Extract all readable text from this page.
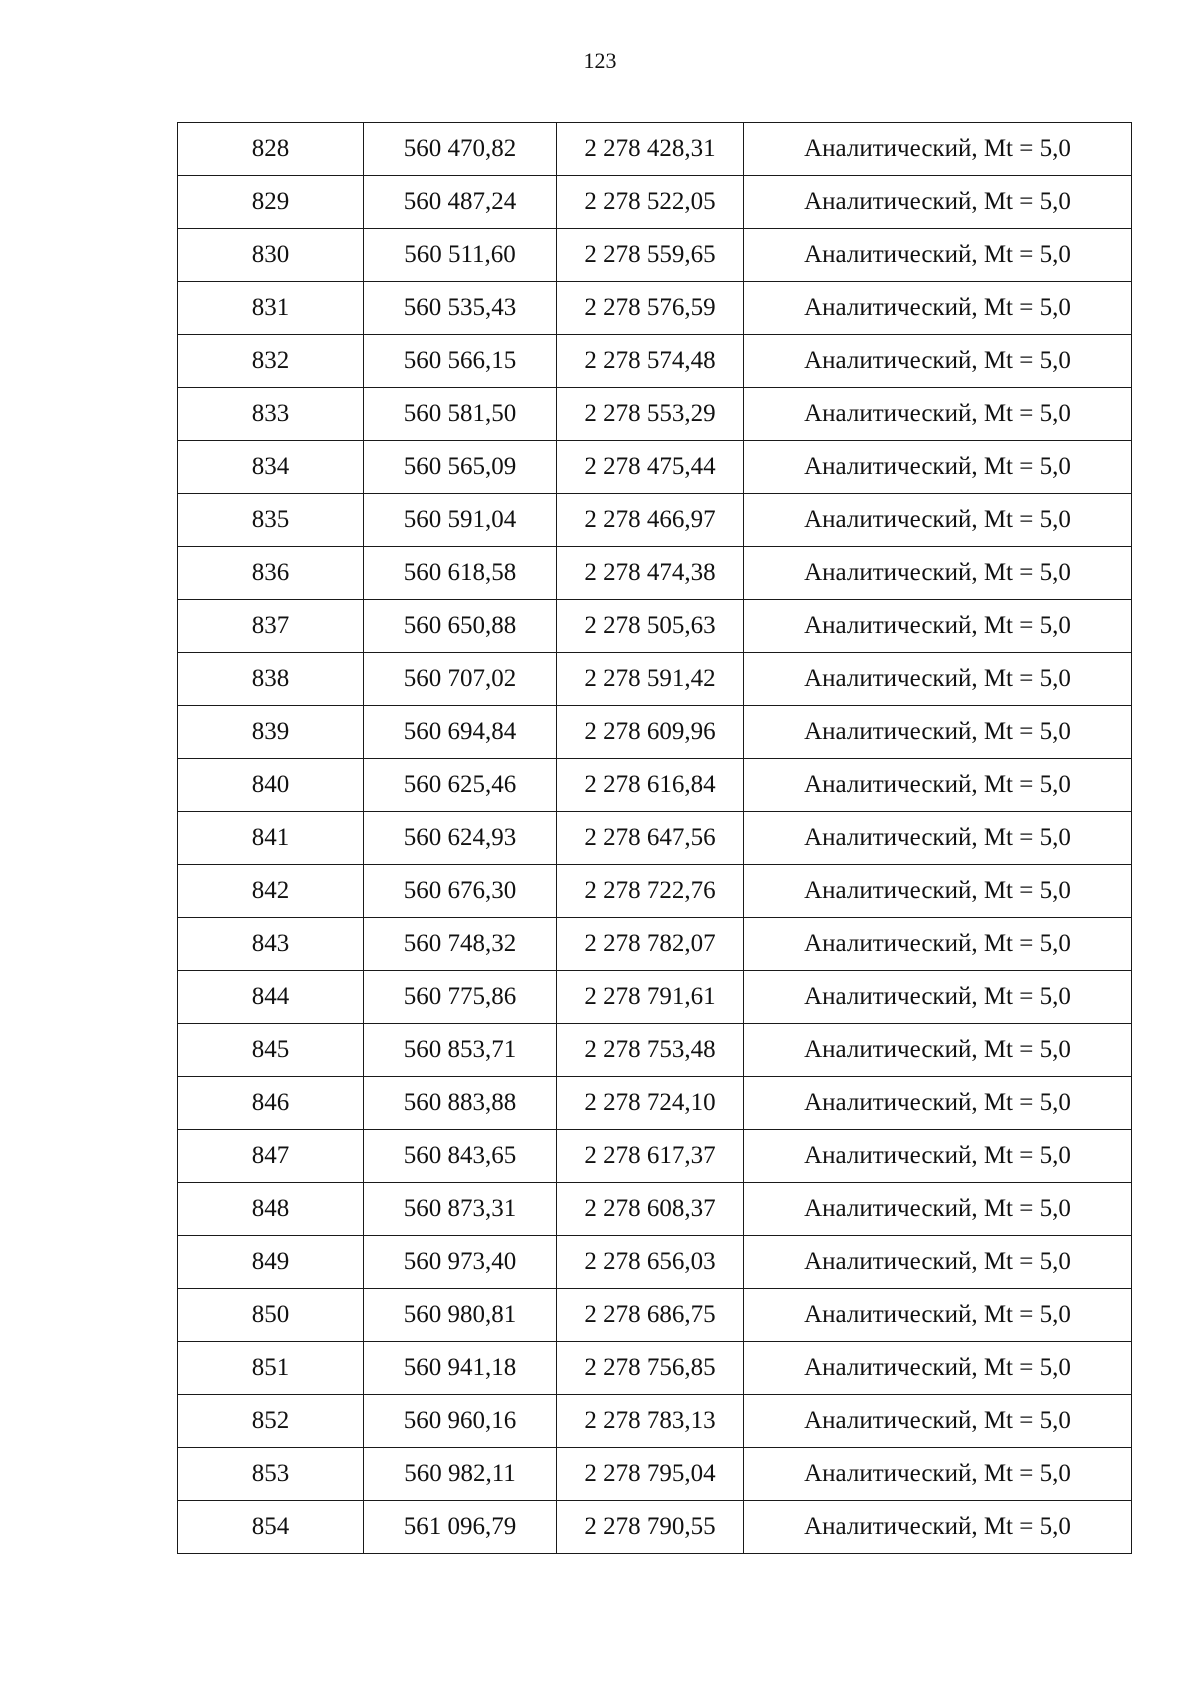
123
828	560 470,82	2 278 428,31	Аналитический, Mt = 5,0
829	560 487,24	2 278 522,05	Аналитический, Mt = 5,0
830	560 511,60	2 278 559,65	Аналитический, Mt = 5,0
831	560 535,43	2 278 576,59	Аналитический, Mt = 5,0
832	560 566,15	2 278 574,48	Аналитический, Mt = 5,0
833	560 581,50	2 278 553,29	Аналитический, Mt = 5,0
834	560 565,09	2 278 475,44	Аналитический, Mt = 5,0
835	560 591,04	2 278 466,97	Аналитический, Mt = 5,0
836	560 618,58	2 278 474,38	Аналитический, Mt = 5,0
837	560 650,88	2 278 505,63	Аналитический, Mt = 5,0
838	560 707,02	2 278 591,42	Аналитический, Mt = 5,0
839	560 694,84	2 278 609,96	Аналитический, Mt = 5,0
840	560 625,46	2 278 616,84	Аналитический, Mt = 5,0
841	560 624,93	2 278 647,56	Аналитический, Mt = 5,0
842	560 676,30	2 278 722,76	Аналитический, Mt = 5,0
843	560 748,32	2 278 782,07	Аналитический, Mt = 5,0
844	560 775,86	2 278 791,61	Аналитический, Mt = 5,0
845	560 853,71	2 278 753,48	Аналитический, Mt = 5,0
846	560 883,88	2 278 724,10	Аналитический, Mt = 5,0
847	560 843,65	2 278 617,37	Аналитический, Mt = 5,0
848	560 873,31	2 278 608,37	Аналитический, Mt = 5,0
849	560 973,40	2 278 656,03	Аналитический, Mt = 5,0
850	560 980,81	2 278 686,75	Аналитический, Mt = 5,0
851	560 941,18	2 278 756,85	Аналитический, Mt = 5,0
852	560 960,16	2 278 783,13	Аналитический, Mt = 5,0
853	560 982,11	2 278 795,04	Аналитический, Mt = 5,0
854	561 096,79	2 278 790,55	Аналитический, Mt = 5,0
